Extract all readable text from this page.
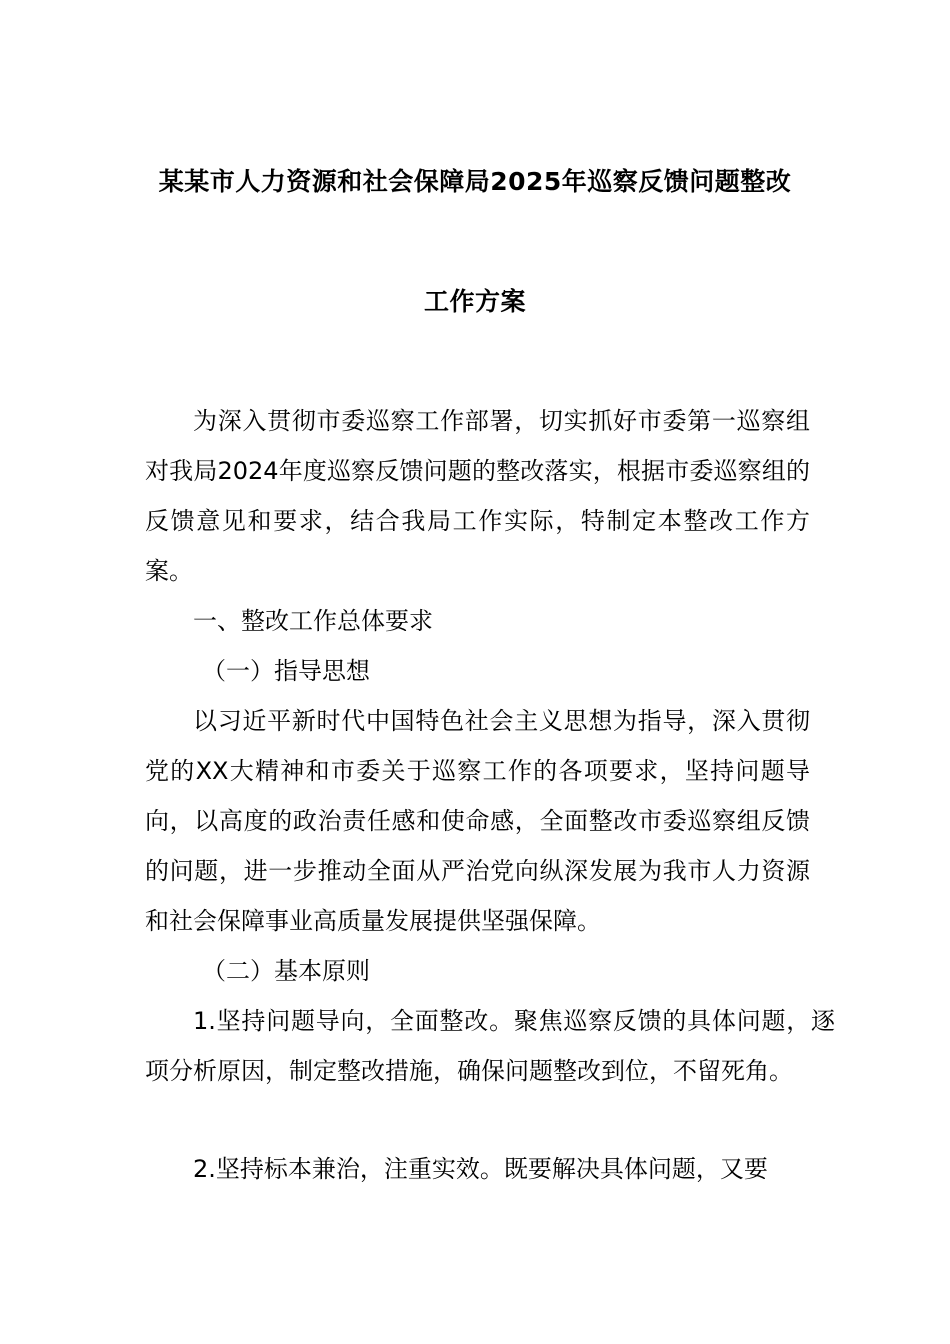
某某市人力资源和社会保障局2025年巡察反馈问题整改
工作方案

为深入贯彻市委巡察工作部署，切实抓好市委第一巡察组对我局2024年度巡察反馈问题的整改落实，根据市委巡察组的反馈意见和要求，结合我局工作实际，特制定本整改工作方案。

一、整改工作总体要求

（一）指导思想

以习近平新时代中国特色社会主义思想为指导，深入贯彻党的XX大精神和市委关于巡察工作的各项要求，坚持问题导向，以高度的政治责任感和使命感，全面整改市委巡察组反馈的问题，进一步推动全面从严治党向纵深发展为我市人力资源和社会保障事业高质量发展提供坚强保障。

（二）基本原则

1.坚持问题导向，全面整改。聚焦巡察反馈的具体问题，逐项分析原因，制定整改措施，确保问题整改到位，不留死角。

2.坚持标本兼治，注重实效。既要解决具体问题，又要
